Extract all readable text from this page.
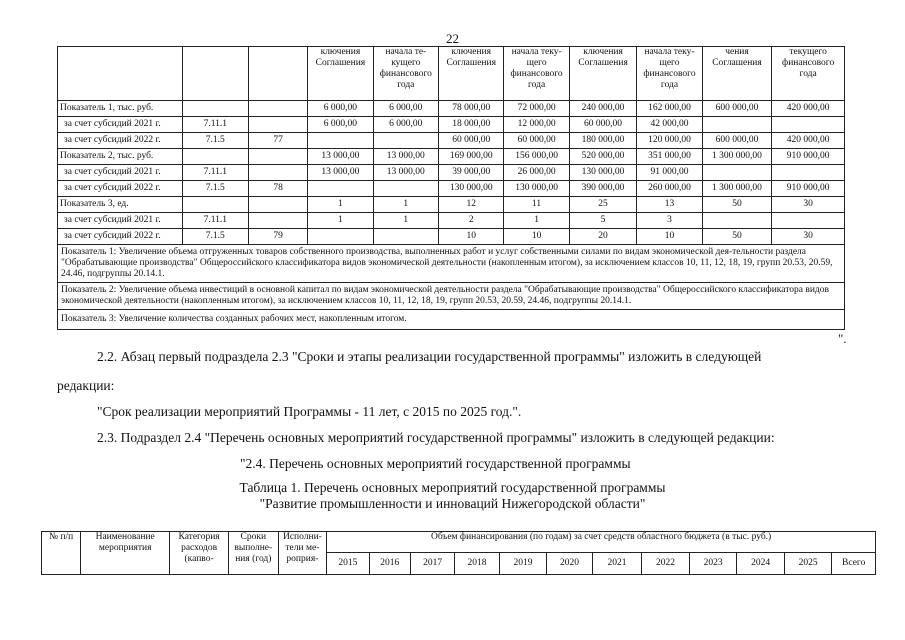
22
			ключения Соглашения	начала те-кущего финансового года	ключения Соглашения	начала теку-щего финансового года	ключения Соглашения	начала теку-щего финансового года	чения Соглашения	текущего финансового года
Показатель 1, тыс. руб.			6 000,00	6 000,00	78 000,00	72 000,00	240 000,00	162 000,00	600 000,00	420 000,00
за счет субсидий 2021 г.	7.11.1		6 000,00	6 000,00	18 000,00	12 000,00	60 000,00	42 000,00		
за счет субсидий 2022 г.	7.1.5	77			60 000,00	60 000,00	180 000,00	120 000,00	600 000,00	420 000,00
Показатель 2, тыс. руб.			13 000,00	13 000,00	169 000,00	156 000,00	520 000,00	351 000,00	1 300 000,00	910 000,00
за счет субсидий 2021 г.	7.11.1		13 000,00	13 000,00	39 000,00	26 000,00	130 000,00	91 000,00		
за счет субсидий 2022 г.	7.1.5	78			130 000,00	130 000,00	390 000,00	260 000,00	1 300 000,00	910 000,00
Показатель 3, ед.			1	1	12	11	25	13	50	30
за счет субсидий 2021 г.	7.11.1		1	1	2	1	5	3		
за счет субсидий 2022 г.	7.1.5	79			10	10	20	10	50	30
Показатель 1: Увеличение объема отгруженных товаров собственного производства, выполненных работ и услуг собственными силами по видам экономической дея-тельности раздела "Обрабатывающие производства" Общероссийского классификатора видов экономической деятельности (накопленным итогом), за исключением классов 10, 11, 12, 18, 19, групп 20.53, 20.59, 24.46, подгруппы 20.14.1.										
Показатель 2: Увеличение объема инвестиций в основной капитал по видам экономической деятельности раздела "Обрабатывающие производства" Общероссийского классификатора видов экономической деятельности (накопленным итогом), за исключением классов 10, 11, 12, 18, 19, групп 20.53, 20.59, 24.46, подгруппы 20.14.1.										
Показатель 3: Увеличение количества созданных рабочих мест, накопленным итогом.										
".
2.2. Абзац первый подраздела 2.3 "Сроки и этапы реализации государственной программы" изложить в следующей
редакции:
"Срок реализации мероприятий Программы - 11 лет, с 2015 по 2025 год.".
2.3. Подраздел 2.4 "Перечень основных мероприятий государственной программы" изложить в следующей редакции:
"2.4. Перечень основных мероприятий государственной программы
Таблица 1. Перечень основных мероприятий государственной программы
"Развитие промышленности и инноваций Нижегородской области"
№ п/п	Наименование мероприятия	Категория расходов (капво-	Сроки выполне-ния (год)	Исполни-тели ме-роприя-	Объем финансирования (по годам) за счет средств областного бюджета (в тыс. руб.)											
					2015	2016	2017	2018	2019	2020	2021	2022	2023	2024	2025	Всего
